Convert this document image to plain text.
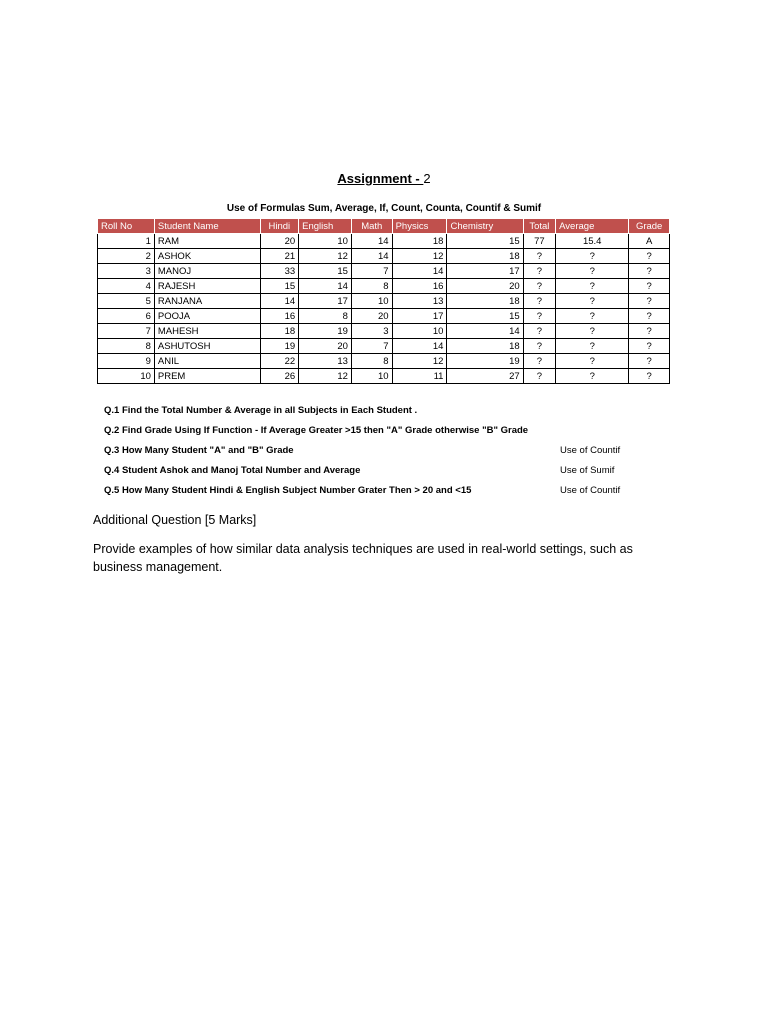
Assignment - 2
Use of Formulas Sum, Average, If, Count, Counta, Countif & Sumif
Roll No	Student Name	Hindi	English	Math	Physics	Chemistry	Total	Average	Grade
1	RAM	20	10	14	18	15	77	15.4	A
2	ASHOK	21	12	14	12	18	?	?	?
3	MANOJ	33	15	7	14	17	?	?	?
4	RAJESH	15	14	8	16	20	?	?	?
5	RANJANA	14	17	10	13	18	?	?	?
6	POOJA	16	8	20	17	15	?	?	?
7	MAHESH	18	19	3	10	14	?	?	?
8	ASHUTOSH	19	20	7	14	18	?	?	?
9	ANIL	22	13	8	12	19	?	?	?
10	PREM	26	12	10	11	27	?	?	?
Q.1 Find the Total Number & Average in all Subjects in Each Student .
Q.2 Find Grade Using If Function - If Average Greater >15 then "A" Grade otherwise "B" Grade
Q.3 How Many Student "A" and "B" Grade	Use of Countif
Q.4 Student Ashok and Manoj Total Number and Average	Use of Sumif
Q.5 How Many Student Hindi & English Subject Number Grater Then > 20 and <15	Use of Countif
Additional Question [5 Marks]
Provide examples of how similar data analysis techniques are used in real-world settings, such as business management.
